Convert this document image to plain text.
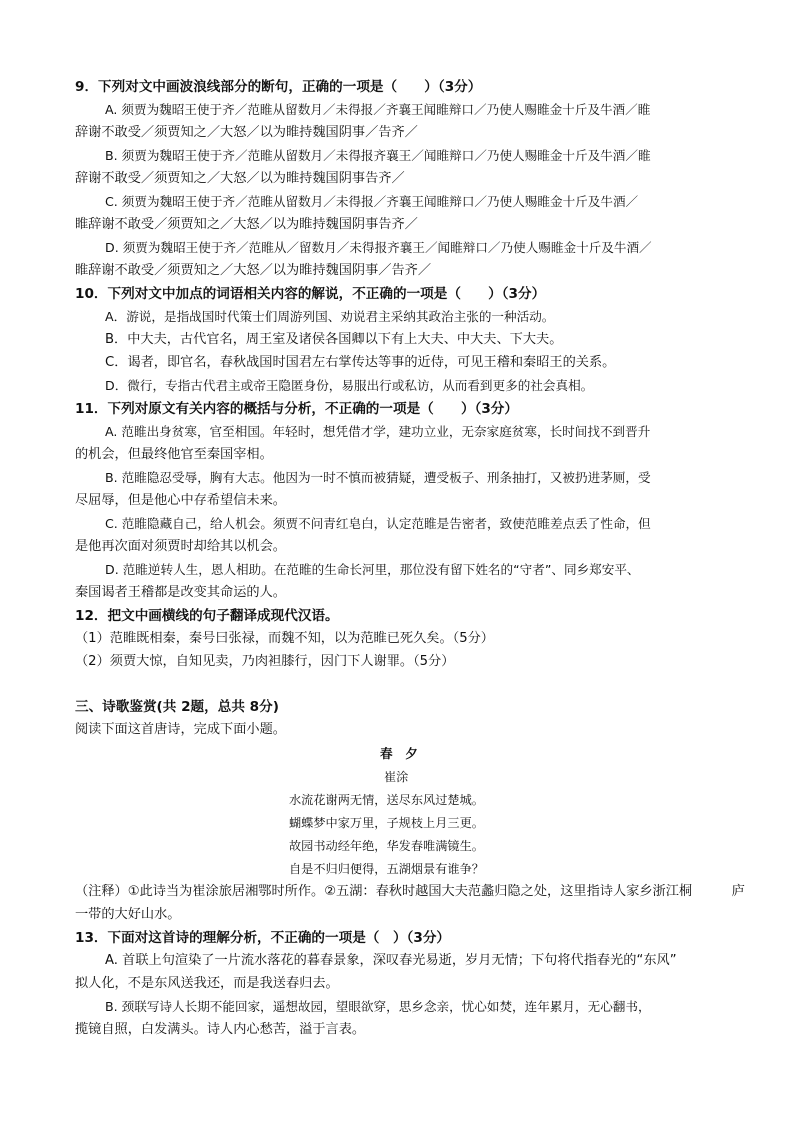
9．下列对文中画波浪线部分的断句，正确的一项是（　　）（3分）
A. 须贾为魏昭王使于齐／范睢从留数月／未得报／齐襄王闻睢辩口／乃使人赐睢金十斤及牛酒／睢
辞谢不敢受／须贾知之／大怒／以为睢持魏国阴事／告齐／
B. 须贾为魏昭王使于齐／范睢从留数月／未得报齐襄王／闻睢辩口／乃使人赐睢金十斤及牛酒／睢
辞谢不敢受／须贾知之／大怒／以为睢持魏国阴事告齐／
C. 须贾为魏昭王使于齐／范睢从留数月／未得报／齐襄王闻睢辩口／乃使人赐睢金十斤及牛酒／
睢辞谢不敢受／须贾知之／大怒／以为睢持魏国阴事告齐／
D. 须贾为魏昭王使于齐／范睢从／留数月／未得报齐襄王／闻睢辩口／乃使人赐睢金十斤及牛酒／
睢辞谢不敢受／须贾知之／大怒／以为睢持魏国阴事／告齐／
10．下列对文中加点的词语相关内容的解说，不正确的一项是（　　）（3分）
A．游说，是指战国时代策士们周游列国、劝说君主采纳其政治主张的一种活动。
B．中大夫，古代官名，周王室及诸侯各国卿以下有上大夫、中大夫、下大夫。
C．谒者，即官名，春秋战国时国君左右掌传达等事的近侍，可见王稽和秦昭王的关系。
D．微行，专指古代君主或帝王隐匿身份，易服出行或私访，从而看到更多的社会真相。
11．下列对原文有关内容的概括与分析，不正确的一项是（　　）（3分）
A. 范睢出身贫寒，官至相国。年轻时，想凭借才学，建功立业，无奈家庭贫寒，长时间找不到晋升
的机会，但最终他官至秦国宰相。
B. 范睢隐忍受辱，胸有大志。他因为一时不慎而被猜疑，遭受板子、刑条抽打，又被扔进茅厕，受
尽屈辱，但是他心中存希望信未来。
C. 范睢隐藏自己，给人机会。须贾不问青红皂白，认定范睢是告密者，致使范睢差点丢了性命，但
是他再次面对须贾时却给其以机会。
D. 范睢逆转人生，恩人相助。在范睢的生命长河里，那位没有留下姓名的“守者”、同乡郑安平、
秦国谒者王稽都是改变其命运的人。
12．把文中画横线的句子翻译成现代汉语。
（1）范睢既相秦，秦号曰张禄，而魏不知，以为范睢已死久矣。（5分）
（2）须贾大惊，自知见卖，乃肉袒膝行，因门下人谢罪。（5分）
三、诗歌鉴赏(共 2题，总共 8分)
阅读下面这首唐诗，完成下面小题。
春　夕
崔涂
水流花谢两无情，送尽东风过楚城。
蝴蝶梦中家万里，子规枝上月三更。
故园书动经年绝，华发春唯满镜生。
自是不归归便得，五湖烟景有谁争？
（注释）①此诗当为崔涂旅居湘鄂时所作。②五湖：春秋时越国大夫范蠡归隐之处，这里指诗人家乡浙江桐　　　庐
一带的大好山水。
13．下面对这首诗的理解分析，不正确的一项是（　）（3分）
A. 首联上句渲染了一片流水落花的暮春景象，深叹春光易逝，岁月无情；下句将代指春光的“东风”
拟人化，不是东风送我还，而是我送春归去。
B. 颈联写诗人长期不能回家，遥想故园，望眼欲穿，思乡念亲，忧心如焚，连年累月，无心翻书，
揽镜自照，白发满头。诗人内心愁苦，溢于言表。
